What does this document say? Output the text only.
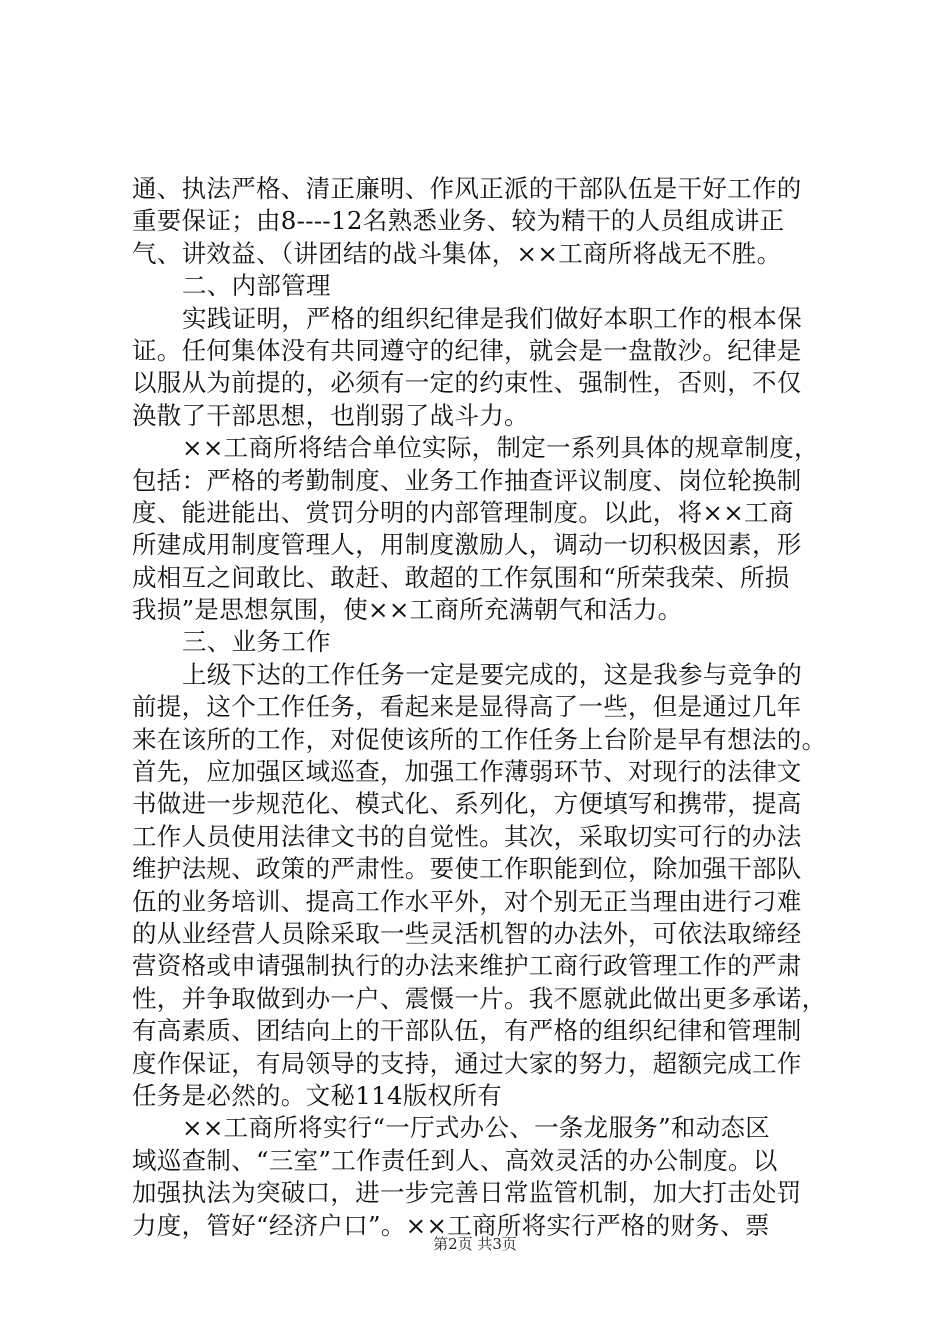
通、执法严格、清正廉明、作风正派的干部队伍是干好工作的
重要保证；由8----12名熟悉业务、较为精干的人员组成讲正
气、讲效益、（讲团结的战斗集体，××工商所将战无不胜。
二、内部管理
实践证明，严格的组织纪律是我们做好本职工作的根本保
证。任何集体没有共同遵守的纪律，就会是一盘散沙。纪律是
以服从为前提的，必须有一定的约束性、强制性，否则，不仅
涣散了干部思想，也削弱了战斗力。
××工商所将结合单位实际，制定一系列具体的规章制度，
包括：严格的考勤制度、业务工作抽查评议制度、岗位轮换制
度、能进能出、赏罚分明的内部管理制度。以此，将××工商
所建成用制度管理人，用制度激励人，调动一切积极因素，形
成相互之间敢比、敢赶、敢超的工作氛围和“所荣我荣、所损
我损”是思想氛围，使××工商所充满朝气和活力。
三、业务工作
上级下达的工作任务一定是要完成的，这是我参与竞争的
前提，这个工作任务，看起来是显得高了一些，但是通过几年
来在该所的工作，对促使该所的工作任务上台阶是早有想法的。
首先，应加强区域巡查，加强工作薄弱环节、对现行的法律文
书做进一步规范化、模式化、系列化，方便填写和携带，提高
工作人员使用法律文书的自觉性。其次，采取切实可行的办法
维护法规、政策的严肃性。要使工作职能到位，除加强干部队
伍的业务培训、提高工作水平外，对个别无正当理由进行刁难
的从业经营人员除采取一些灵活机智的办法外，可依法取缔经
营资格或申请强制执行的办法来维护工商行政管理工作的严肃
性，并争取做到办一户、震慑一片。我不愿就此做出更多承诺，
有高素质、团结向上的干部队伍，有严格的组织纪律和管理制
度作保证，有局领导的支持，通过大家的努力，超额完成工作
任务是必然的。文秘114版权所有
××工商所将实行“一厅式办公、一条龙服务”和动态区
域巡查制、“三室”工作责任到人、高效灵活的办公制度。以
加强执法为突破口，进一步完善日常监管机制，加大打击处罚
力度，管好“经济户口”。××工商所将实行严格的财务、票
第2页 共3页
